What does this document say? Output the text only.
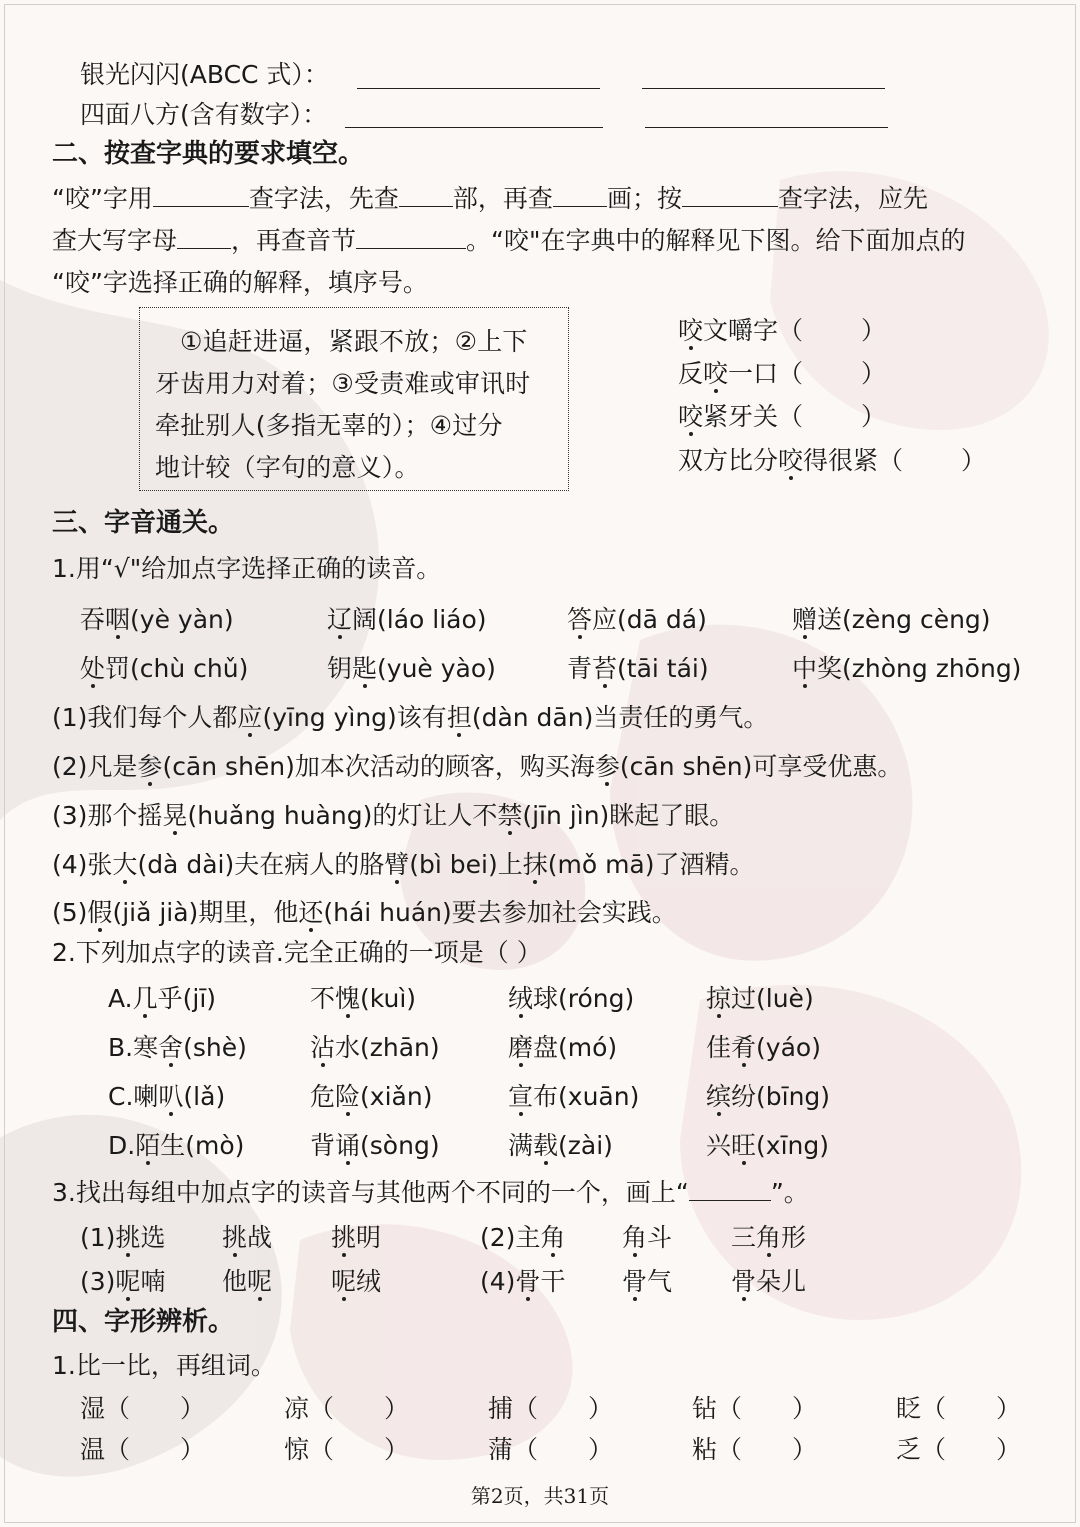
银光闪闪(ABCC 式）：
四面八方(含有数字）：
二、按查字典的要求填空。
“咬”字用	查字法，先查 部，再查 画；按	查字法，应先
查大写字母 ，再查音节	。“咬"在字典中的解释见下图。给下面加点的
“咬”字选择正确的解释，填序号。
①追赶进逼，紧跟不放；②上下
牙齿用力对着；③受责难或审讯时
牵扯别人(多指无辜的）；④过分
地计较（字句的意义）。
咬文嚼字（ ）
反咬一口（ ）
咬紧牙关（ ）
双方比分咬得很紧（ ）
三、字音通关。
1.用“√"给加点字选择正确的读音。
吞咽(yè yàn)	辽阔(láo liáo)	答应(dā dá)	赠送(zèng cèng)
处罚(chù chǔ)	钥匙(yuè yào)	青苔(tāi tái)	中奖(zhòng zhōng)
(1)我们每个人都应(yīng yìng)该有担(dàn dān)当责任的勇气。
(2)凡是参(cān shēn)加本次活动的顾客，购买海参(cān shēn)可享受优惠。
(3)那个摇晃(huǎng huàng)的灯让人不禁(jīn jìn)眯起了眼。
(4)张大(dà dài)夫在病人的胳臂(bì bei)上抹(mǒ mā)了酒精。
(5)假(jiǎ jià)期里，他还(hái huán)要去参加社会实践。
2.下列加点字的读音.完全正确的一项是（ ）
A.几乎(jī)	不愧(kuì)	绒球(róng)	掠过(luè)
B.寒舍(shè)	沾水(zhān)	磨盘(mó)	佳肴(yáo)
C.喇叭(lǎ)	危险(xiǎn)	宣布(xuān)	缤纷(bīng)
D.陌生(mò)	背诵(sòng)	满载(zài)	兴旺(xīng)
3.找出每组中加点字的读音与其他两个不同的一个，画上“	”。
(1)挑选 挑战 挑明	(2)主角 角斗 三角形
(3)呢喃 他呢 呢绒	(4)骨干 骨气 骨朵儿
四、字形辨析。
1.比一比，再组词。
湿（ ）	凉（ ）	捕（ ）	钻（ ）	眨（ ）
温（ ）	惊（ ）	蒲（ ）	粘（ ）	乏（ ）
第2页，共31页
